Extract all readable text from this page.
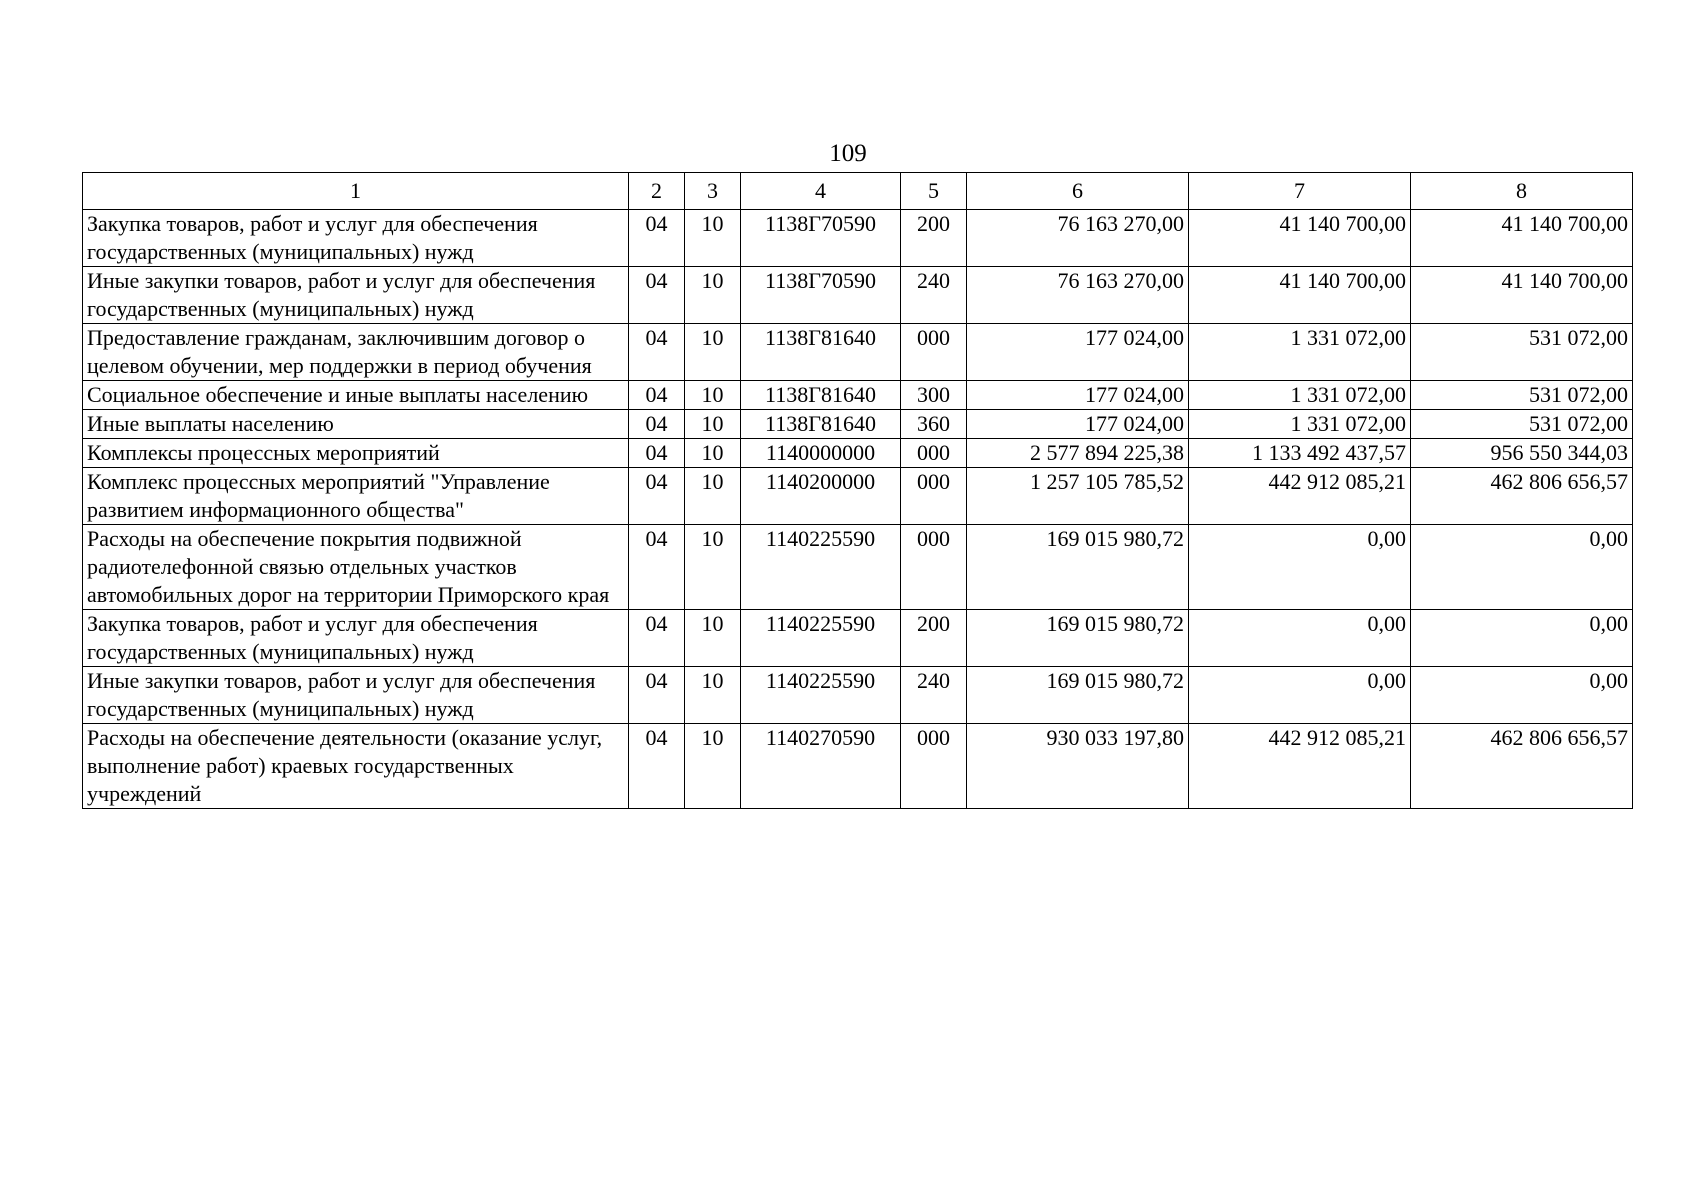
109
1	2	3	4	5	6	7	8
Закупка товаров, работ и услуг для обеспечения государственных (муниципальных) нужд	04	10	1138Г70590	200	76 163 270,00	41 140 700,00	41 140 700,00
Иные закупки товаров, работ и услуг для обеспечения государственных (муниципальных) нужд	04	10	1138Г70590	240	76 163 270,00	41 140 700,00	41 140 700,00
Предоставление гражданам, заключившим договор о целевом обучении, мер поддержки в период обучения	04	10	1138Г81640	000	177 024,00	1 331 072,00	531 072,00
Социальное обеспечение и иные выплаты населению	04	10	1138Г81640	300	177 024,00	1 331 072,00	531 072,00
Иные выплаты населению	04	10	1138Г81640	360	177 024,00	1 331 072,00	531 072,00
Комплексы процессных мероприятий	04	10	1140000000	000	2 577 894 225,38	1 133 492 437,57	956 550 344,03
Комплекс процессных мероприятий "Управление развитием информационного общества"	04	10	1140200000	000	1 257 105 785,52	442 912 085,21	462 806 656,57
Расходы на обеспечение покрытия подвижной радиотелефонной связью отдельных участков автомобильных дорог на территории Приморского края	04	10	1140225590	000	169 015 980,72	0,00	0,00
Закупка товаров, работ и услуг для обеспечения государственных (муниципальных) нужд	04	10	1140225590	200	169 015 980,72	0,00	0,00
Иные закупки товаров, работ и услуг для обеспечения государственных (муниципальных) нужд	04	10	1140225590	240	169 015 980,72	0,00	0,00
Расходы на обеспечение деятельности (оказание услуг, выполнение работ) краевых государственных учреждений	04	10	1140270590	000	930 033 197,80	442 912 085,21	462 806 656,57
